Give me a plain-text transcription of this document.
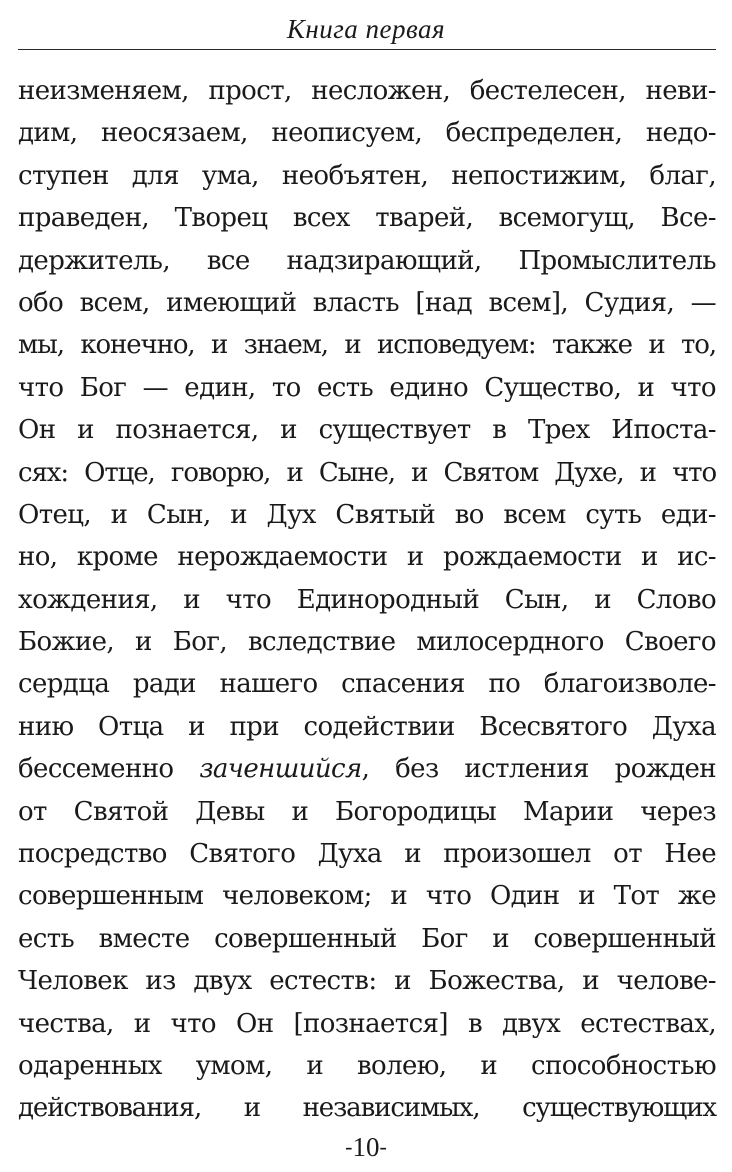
Книга первая
неизменяем, прост, несложен, бестелесен, неви-
дим, неосязаем, неописуем, беспределен, недо-
ступен для ума, необъятен, непостижим, благ,
праведен, Творец всех тварей, всемогущ, Все-
держитель, все надзирающий, Промыслитель
обо всем, имеющий власть [над всем], Судия, —
мы, конечно, и знаем, и исповедуем: также и то,
что Бог — един, то есть едино Существо, и что
Он и познается, и существует в Трех Ипоста-
сях: Отце, говорю, и Сыне, и Святом Духе, и что
Отец, и Сын, и Дух Святый во всем суть еди-
но, кроме нерождаемости и рождаемости и ис-
хождения, и что Единородный Сын, и Слово
Божие, и Бог, вследствие милосердного Своего
сердца ради нашего спасения по благоизволе-
нию Отца и при содействии Всесвятого Духа
бессеменно заченшийся, без истления рожден
от Святой Девы и Богородицы Марии через
посредство Святого Духа и произошел от Нее
совершенным человеком; и что Один и Тот же
есть вместе совершенный Бог и совершенный
Человек из двух естеств: и Божества, и челове-
чества, и что Он [познается] в двух естествах,
одаренных умом, и волею, и способностью
действования, и независимых, существующих
-10-
